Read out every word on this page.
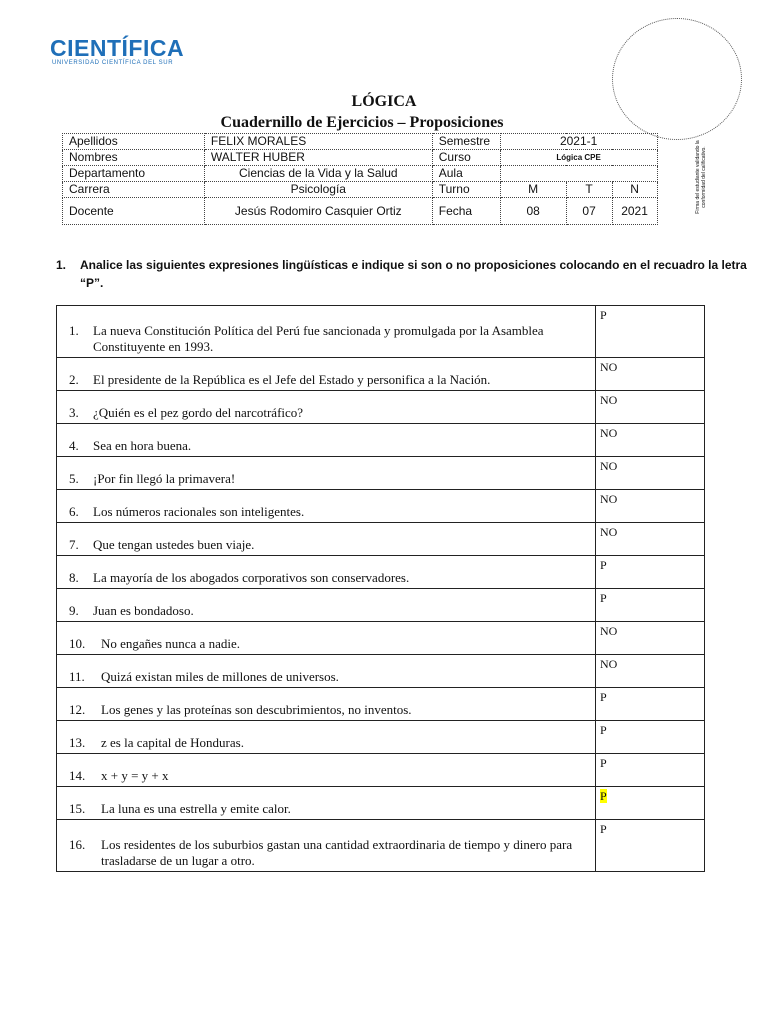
CIENTÍFICA
UNIVERSIDAD CIENTÍFICA DEL SUR
LÓGICA
Cuadernillo de Ejercicios – Proposiciones
Apellidos	FELIX MORALES	Semestre	2021-1			
Nombres	WALTER HUBER	Curso	Lógica CPE			
Departamento	Ciencias de la Vida y la Salud	Aula				
Carrera	Psicología	Turno	M	T	N	
Docente	Jesús Rodomiro Casquier Ortiz	Fecha	08	07	2021		Firma del estudiante validando la conformidad del calificativo.
1. Analice las siguientes expresiones lingüísticas e indique si son o no proposiciones colocando en el recuadro la letra “P”.
1. La nueva Constitución Política del Perú fue sancionada y promulgada por la Asamblea Constituyente en 1993.	P

2. El presidente de la República es el Jefe del Estado y personifica a la Nación.	NO

3. ¿Quién es el pez gordo del narcotráfico?	NO

4. Sea en hora buena.	NO

5. ¡Por fin llegó la primavera!	NO

6. Los números racionales son inteligentes.	NO

7. Que tengan ustedes buen viaje.	NO

8. La mayoría de los abogados corporativos son conservadores.	P

9. Juan es bondadoso.	P

10. No engañes nunca a nadie.	NO

11. Quizá existan miles de millones de universos.	NO

12. Los genes y las proteínas son descubrimientos, no inventos.	P

13. z es la capital de Honduras.	P

14. x + y = y + x	P

15. La luna es una estrella y emite calor.	P

16. Los residentes de los suburbios gastan una cantidad extraordinaria de tiempo y dinero para trasladarse de un lugar a otro.	P
